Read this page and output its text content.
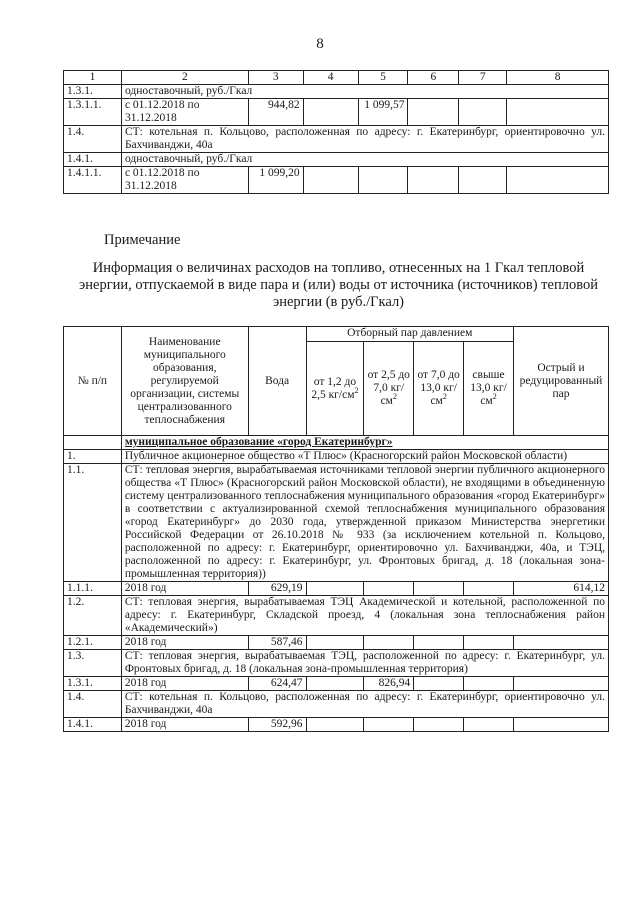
8
1	2	3	4	5	6	7	8
1.3.1.	одноставочный, руб./Гкал						
1.3.1.1.	с 01.12.2018 по 31.12.2018	944,82		1 099,57			
1.4.	СТ: котельная п. Кольцово, расположенная по адресу: г. Екатеринбург, ориентировочно ул. Бахчиванджи, 40а						
1.4.1.	одноставочный, руб./Гкал						
1.4.1.1.	с 01.12.2018 по 31.12.2018	1 099,20					
Примечание
Информация о величинах расходов на топливо, отнесенных на 1 Гкал тепловой энергии, отпускаемой в виде пара и (или) воды от источника (источников) тепловой энергии (в руб./Гкал)
№ п/п	Наименование муниципального образования, регулируемой организации, системы централизованного теплоснабжения	Вода	Отборный пар давлением				Острый и редуцированный пар
			от 1,2 до 2,5 $кг/см^2$	от 2,5 до 7,0 $кг/см^2$	от 7,0 до 13,0 $кг/см^2$	свыше 13,0 $кг/см^2$
	муниципальное образование «город Екатеринбург»						
1.	Публичное акционерное общество «Т Плюс» (Красногорский район Московской области)						
1.1.	СТ: тепловая энергия, вырабатываемая источниками тепловой энергии публичного акционерного общества «Т Плюс» (Красногорский район Московской области), не входящими в объединенную систему централизованного теплоснабжения муниципального образования «город Екатеринбург» в соответствии с актуализированной схемой теплоснабжения муниципального образования «город Екатеринбург» до 2030 года, утвержденной приказом Министерства энергетики Российской Федерации от 26.10.2018 № 933 (за исключением котельной п. Кольцово, расположенной по адресу: г. Екатеринбург, ориентировочно ул. Бахчиванджи, 40а, и ТЭЦ, расположенной по адресу: г. Екатеринбург, ул. Фронтовых бригад, д. 18 (локальная зона-промышленная территория))						
1.1.1.	2018 год	629,19					614,12
1.2.	СТ: тепловая энергия, вырабатываемая ТЭЦ Академической и котельной, расположенной по адресу: г. Екатеринбург, Складской проезд, 4 (локальная зона теплоснабжения район «Академический»)						
1.2.1.	2018 год	587,46					
1.3.	СТ: тепловая энергия, вырабатываемая ТЭЦ, расположенной по адресу: г. Екатеринбург, ул. Фронтовых бригад, д. 18 (локальная зона-промышленная территория)						
1.3.1.	2018 год	624,47		826,94			
1.4.	СТ: котельная п. Кольцово, расположенная по адресу: г. Екатеринбург, ориентировочно ул. Бахчиванджи, 40а						
1.4.1.	2018 год	592,96					
